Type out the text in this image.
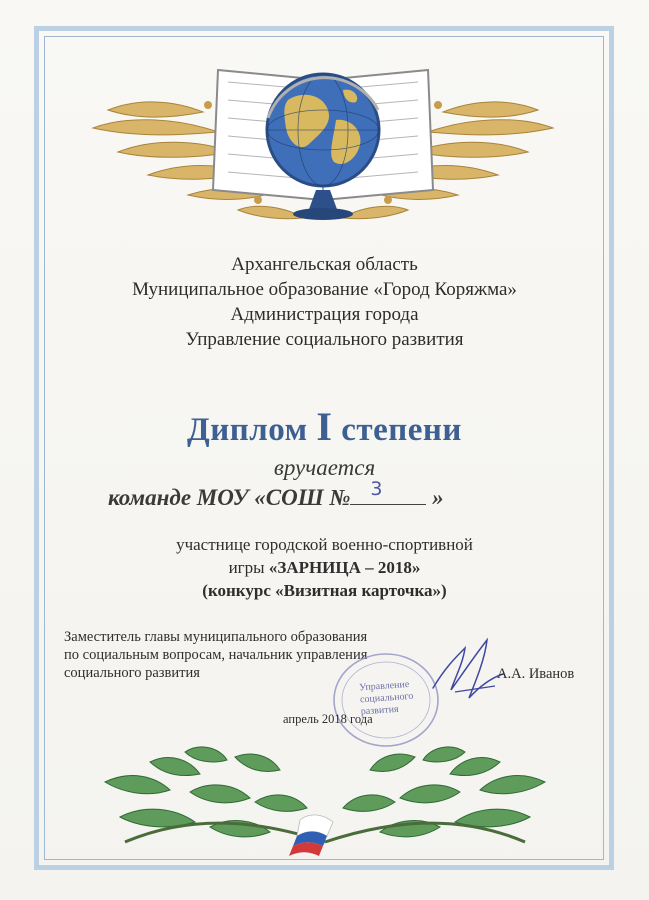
Архангельская область
Муниципальное образование «Город Коряжма»
Администрация города
Управление социального развития
Диплом I степени
вручается
команде МОУ «СОШ № 3 »
участнице городской военно-спортивной
игры «ЗАРНИЦА – 2018»
(конкурс «Визитная карточка»)
Заместитель главы муниципального образования
по социальным вопросам, начальник управления
социального развития
Управление
социального
развития
А.А. Иванов
апрель 2018 года
